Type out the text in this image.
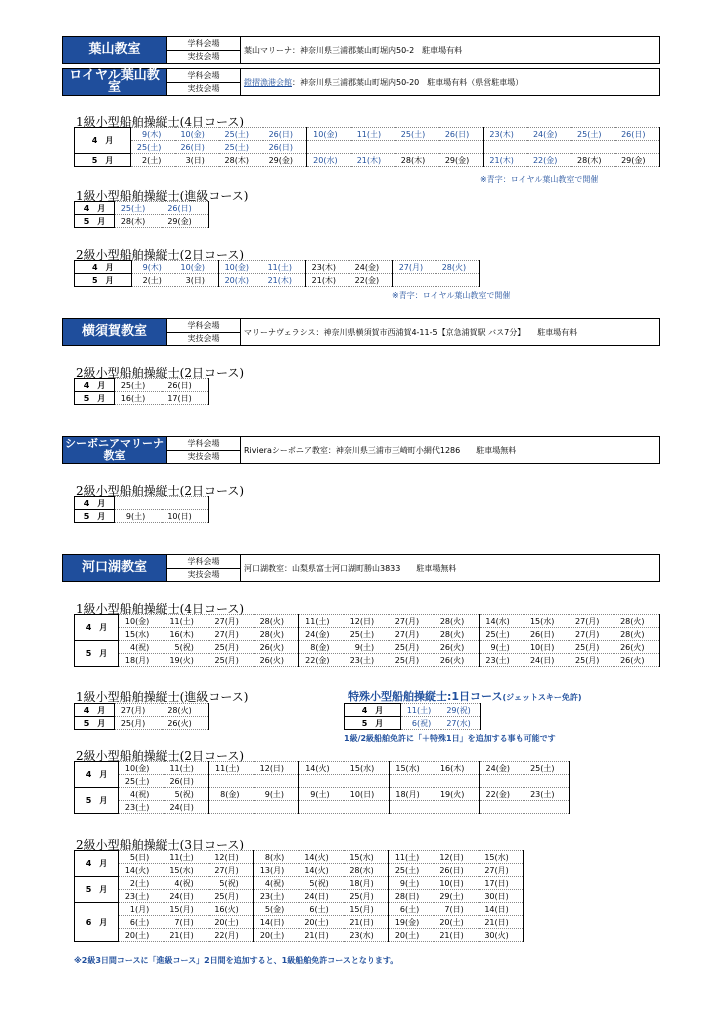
葉山教室	学科会場
実技会場
葉山マリーナ：神奈川県三浦郡葉山町堀内50-2　駐車場有料
ロイヤル葉山教室
学科会場
実技会場
鐙摺漁港会館 ：神奈川県三浦郡葉山町堀内50-20　駐車場有料（県営駐車場）
1級小型船舶操縦士(4日コース)
4　月	9(木)	10(金)	25(土)	26(日)	10(金)	11(土)	25(土)	26(日)	23(木)	24(金)	25(土)	26(日)
	25(土)	26(日)	25(土)	26(日)								
5　月	2(土)	3(日)	28(木)	29(金)	20(水)	21(木)	28(木)	29(金)	21(木)	22(金)	28(木)	29(金)
※青字：ロイヤル葉山教室で開催
1級小型船舶操縦士(進級コース)
4　月	25(土)	26(日)
5　月	28(木)	29(金)
2級小型船舶操縦士(2日コース)
4　月	9(木)	10(金)	10(金)	11(土)	23(木)	24(金)	27(月)	28(火)
5　月	2(土)	3(日)	20(水)	21(木)	21(木)	22(金)		
※青字：ロイヤル葉山教室で開催
横須賀教室	学科会場
実技会場
マリーナヴェラシス：神奈川県横須賀市西浦賀4-11-5【京急浦賀駅 バス7分】　　駐車場有料
2級小型船舶操縦士(2日コース)
4　月	25(土)	26(日)
5　月	16(土)	17(日)
シーボニアマリーナ
教室
学科会場
実技会場
Rivieraシーボニア教室：神奈川県三浦市三崎町小網代1286　　駐車場無料
2級小型船舶操縦士(2日コース)
4　月		
5　月	9(土)	10(日)
河口湖教室	学科会場
実技会場
河口湖教室：山梨県富士河口湖町勝山3833　　駐車場無料
1級小型船舶操縦士(4日コース)
4　月	10(金)	11(土)	27(月)	28(火)	11(土)	12(日)	27(月)	28(火)	14(水)	15(水)	27(月)	28(火)
	15(水)	16(木)	27(月)	28(火)	24(金)	25(土)	27(月)	28(火)	25(土)	26(日)	27(月)	28(火)
5　月	4(祝)	5(祝)	25(月)	26(火)	8(金)	9(土)	25(月)	26(火)	9(土)	10(日)	25(月)	26(火)
	18(月)	19(火)	25(月)	26(火)	22(金)	23(土)	25(月)	26(火)	23(土)	24(日)	25(月)	26(火)
1級小型船舶操縦士(進級コース)
4　月	27(月)	28(火)
5　月	25(月)	26(火)
特殊小型船舶操縦士:1日コース(ジェットスキー免許)
4　月	11(土)	29(祝)
5　月	6(祝)	27(水)
1級/2級船舶免許に「＋特殊1日」を追加する事も可能です
2級小型船舶操縦士(2日コース)
4　月	10(金)	11(土)	11(土)	12(日)	14(火)	15(水)	15(水)	16(木)	24(金)	25(土)
	25(土)	26(日)								
5　月	4(祝)	5(祝)	8(金)	9(土)	9(土)	10(日)	18(月)	19(火)	22(金)	23(土)
	23(土)	24(日)								
2級小型船舶操縦士(3日コース)
4　月	5(日)	11(土)	12(日)	8(水)	14(火)	15(水)	11(土)	12(日)	15(水)
	14(火)	15(水)	27(月)	13(月)	14(火)	28(水)	25(土)	26(日)	27(月)
5　月	2(土)	4(祝)	5(祝)	4(祝)	5(祝)	18(月)	9(土)	10(日)	17(日)
	23(土)	24(日)	25(月)	23(土)	24(日)	25(月)	28(日)	29(土)	30(日)
6　月	1(月)	15(月)	16(火)	5(金)	6(土)	15(月)	6(土)	7(日)	14(日)
	6(土)	7(日)	20(土)	14(日)	20(土)	21(日)	19(金)	20(土)	21(日)
	20(土)	21(日)	22(月)	20(土)	21(日)	23(水)	20(土)	21(日)	30(火)
※2級3日間コースに「進級コース」2日間を追加すると、1級船舶免許コースとなります。
